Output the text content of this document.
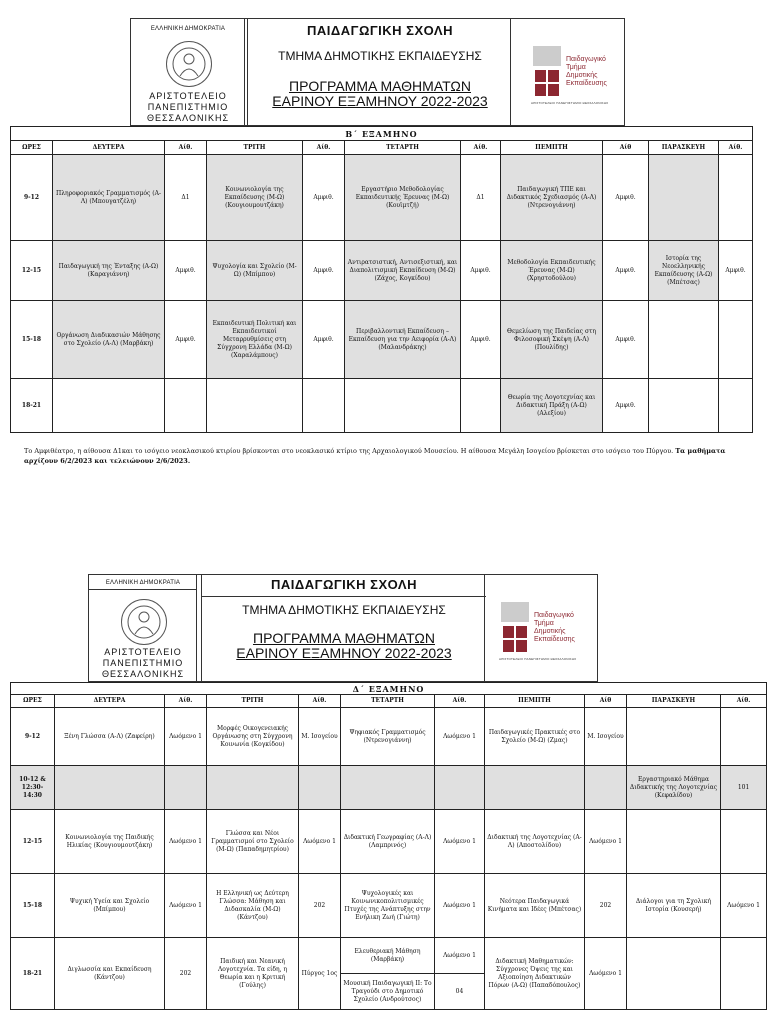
ΕΛΛΗΝΙΚΗ ΔΗΜΟΚΡΑΤΙΑ
ΑΡΙΣΤΟΤΕΛΕΙΟ
ΠΑΝΕΠΙΣΤΗΜΙΟ
ΘΕΣΣΑΛΟΝΙΚΗΣ
ΠΑΙΔΑΓΩΓΙΚΗ ΣΧΟΛΗ
ΤΜΗΜΑ ΔΗΜΟΤΙΚΗΣ ΕΚΠΑΙΔΕΥΣΗΣ
ΠΡΟΓΡΑΜΜΑ ΜΑΘΗΜΑΤΩΝ
ΕΑΡΙΝΟΥ ΕΞΑΜΗΝΟΥ 2022-2023
Παιδαγωγικό
Τμήμα
Δημοτικής
Εκπαίδευσης
ΑΡΙΣΤΟΤΕΛΕΙΟ ΠΑΝΕΠΙΣΤΗΜΙΟ ΘΕΣΣΑΛΟΝΙΚΗΣ
Β΄ ΕΞΑΜΗΝΟ										
ΩΡΕΣ	ΔΕΥΤΕΡΑ	Αίθ.	ΤΡΙΤΗ	Αίθ.	ΤΕΤΑΡΤΗ	Αίθ.	ΠΕΜΠΤΗ	Αίθ	ΠΑΡΑΣΚΕΥΗ	Αίθ.
9-12	Πληροφοριακός Γραμματισμός (Α-Λ) (Μπουγατζέλη)	Δ1	Κοινωνιολογία της Εκπαίδευσης (Μ-Ω) (Κουγιουμουτζάκη)	Αμφιθ.	Εργαστήριο Μεθοδολογίας Εκπαιδευτικής Έρευνας (Μ-Ω) (Κουϊμτζή)	Δ1	Παιδαγωγική ΤΠΕ και Διδακτικός Σχεδιασμός (Α-Λ) (Ντρενογιάννη)	Αμφιθ.		
12-15	Παιδαγωγική της Ένταξης (Α-Ω) (Καραγιάννη)	Αμφιθ.	Ψυχολογία και Σχολείο (Μ-Ω) (Μπίμπου)	Αμφιθ.	Αντιρατσιστική, Αντισεξιστική, και Διαπολιτισμική Εκπαίδευση (Μ-Ω) (Ζάχος, Κογκίδου)	Αμφιθ.	Μεθοδολογία Εκπαιδευτικής Έρευνας (Μ-Ω) (Χρηστοδούλου)	Αμφιθ.	Ιστορία της Νεοελληνικής Εκπαίδευσης (Α-Ω) (Μπέτσας)	Αμφιθ.
15-18	Οργάνωση Διαδικασιών Μάθησης στο Σχολείο (Α-Λ) (Μαρβάκη)	Αμφιθ.	Εκπαιδευτική Πολιτική και Εκπαιδευτικοί Μεταρρυθμίσεις στη Σύγχρονη Ελλάδα (Μ-Ω) (Χαραλάμπους)	Αμφιθ.	Περιβαλλοντική Εκπαίδευση – Εκπαίδευση για την Αειφορία (Α-Λ) (Μαλανδράκης)	Αμφιθ.	Θεμελίωση της Παιδείας στη Φιλοσοφική Σκέψη (Α-Λ) (Πουλίδης)	Αμφιθ.		
18-21							Θεωρία της Λογοτεχνίας και Διδακτική Πράξη (Α-Ω) (Αλεξίου)	Αμφιθ.		
Το Αμφιθέατρο, η αίθουσα Δ1και το ισόγειο νεοκλασικού κτιρίου βρίσκονται στο νεοκλασικό κτίριο της Αρχαιολογικού Μουσείου. Η αίθουσα Μεγάλη Ισογείου βρίσκεται στο ισόγειο του Πύργου. Τα μαθήματα αρχίζουν 6/2/2023 και τελειώνουν 2/6/2023.
ΕΛΛΗΝΙΚΗ ΔΗΜΟΚΡΑΤΙΑ
ΑΡΙΣΤΟΤΕΛΕΙΟ
ΠΑΝΕΠΙΣΤΗΜΙΟ
ΘΕΣΣΑΛΟΝΙΚΗΣ
ΠΑΙΔΑΓΩΓΙΚΗ ΣΧΟΛΗ
ΤΜΗΜΑ ΔΗΜΟΤΙΚΗΣ ΕΚΠΑΙΔΕΥΣΗΣ
ΠΡΟΓΡΑΜΜΑ ΜΑΘΗΜΑΤΩΝ
ΕΑΡΙΝΟΥ ΕΞΑΜΗΝΟΥ 2022-2023
Παιδαγωγικό
Τμήμα
Δημοτικής
Εκπαίδευσης
ΑΡΙΣΤΟΤΕΛΕΙΟ ΠΑΝΕΠΙΣΤΗΜΙΟ ΘΕΣΣΑΛΟΝΙΚΗΣ
Δ΄ ΕΞΑΜΗΝΟ										
ΩΡΕΣ	ΔΕΥΤΕΡΑ	Αίθ.	ΤΡΙΤΗ	Αίθ.	ΤΕΤΑΡΤΗ	Αίθ.	ΠΕΜΠΤΗ	Αίθ	ΠΑΡΑΣΚΕΥΗ	Αίθ.
9-12	Ξένη Γλώσσα (Α-Λ) (Ζαφείρη)	Λωόμενο 1	Μορφές Οικογενειακής Οργάνωσης στη Σύγχρονη Κοινωνία (Κογκίδου)	Μ. Ισογείου	Ψηφιακός Γραμματισμός (Ντρενογιάννη)	Λωόμενο 1	Παιδαγωγικές Πρακτικές στο Σχολείο (Μ-Ω) (Ζμας)	Μ. Ισογείου		
10-12 & 12:30-14:30									Εργαστηριακό Μάθημα Διδακτικής της Λογοτεχνίας (Κεφαλίδου)	101
12-15	Κοινωνιολογία της Παιδικής Ηλικίας (Κουγιουμουτζάκη)	Λωόμενο 1	Γλώσσα και Νέοι Γραμματισμοί στο Σχολείο (Μ-Ω) (Παπαδημητρίου)	Λωόμενο 1	Διδακτική Γεωγραφίας (Α-Λ) (Λαμπρινός)	Λωόμενο 1	Διδακτική της Λογοτεχνίας (Α-Λ) (Αποστολίδου)	Λωόμενο 1		
15-18	Ψυχική Υγεία και Σχολείο (Μπίμπου)	Λωόμενο 1	Η Ελληνική ως Δεύτερη Γλώσσα: Μάθηση και Διδασκαλία (Μ-Ω) (Κάντζου)	202	Ψυχολογικές και Κοινωνικοπολιτισμικές Πτυχές της Ανάπτυξης στην Ενήλικη Ζωή (Γιώτη)	Λωόμενο 1	Νεότερα Παιδαγωγικά Κινήματα και Ιδέες (Μπέτσας)	202	Διάλογοι για τη Σχολική Ιστορία (Κουσερή)	Λωόμενο 1
18-21	Διγλωσσία και Εκπαίδευση (Κάντζου)	202	Παιδική και Νεανική Λογοτεχνία. Τα είδη, η Θεωρία και η Κριτική (Γούλης)	Πύργος 1ος	Ελευθεριακή Μάθηση (Μαρβάκη)	Λωόμενο 1	Διδακτική Μαθηματικών: Σύγχρονες Όψεις της και Αξιοποίηση Διδακτικών Πόρων (Α-Ω) (Παπαδόπουλος)	Λωόμενο 1		
					Μουσική Παιδαγωγική ΙΙ: Το Τραγούδι στο Δημοτικό Σχολείο (Ανδρούτσος)	04				
